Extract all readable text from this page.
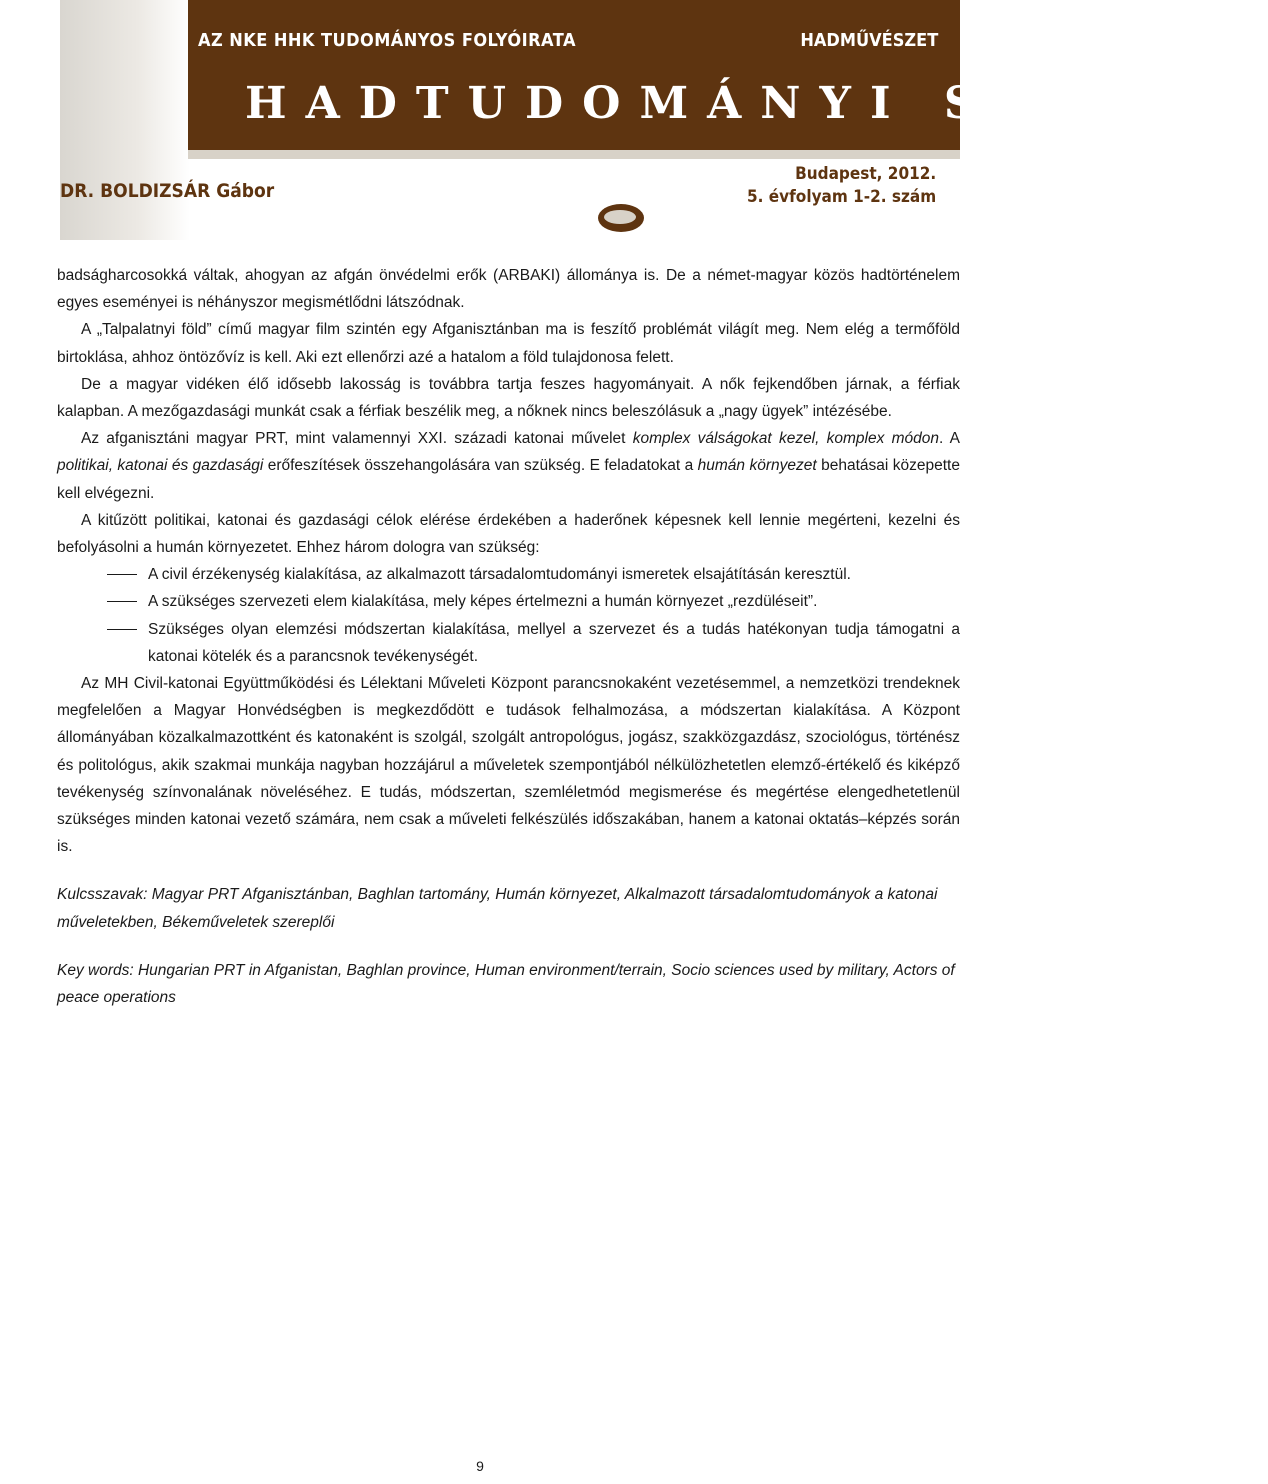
AZ NKE HHK TUDOMÁNYOS FOLYÓIRATA	HADMŰVÉSZET
HADTUDOMÁNYI SZEMLE
DR. BOLDIZSÁR Gábor
Budapest, 2012.
5. évfolyam 1-2. szám

badságharcosokká váltak, ahogyan az afgán önvédelmi erők (ARBAKI) állománya is. De a német-magyar közös hadtörténelem egyes eseményei is néhányszor megismétlődni látszódnak.

A „Talpalatnyi föld” című magyar film szintén egy Afganisztánban ma is feszítő problémát világít meg. Nem elég a termőföld birtoklása, ahhoz öntözővíz is kell. Aki ezt ellenőrzi azé a hatalom a föld tulajdonosa felett.

De a magyar vidéken élő idősebb lakosság is továbbra tartja feszes hagyományait. A nők fejkendőben járnak, a férfiak kalapban. A mezőgazdasági munkát csak a férfiak beszélik meg, a nőknek nincs beleszólásuk a „nagy ügyek” intézésébe.

Az afganisztáni magyar PRT, mint valamennyi XXI. századi katonai művelet komplex válságokat kezel, komplex módon. A politikai, katonai és gazdasági erőfeszítések összehangolására van szükség. E feladatokat a humán környezet behatásai közepette kell elvégezni.

A kitűzött politikai, katonai és gazdasági célok elérése érdekében a haderőnek képesnek kell lennie megérteni, kezelni és befolyásolni a humán környezetet. Ehhez három dologra van szükség:

A civil érzékenység kialakítása, az alkalmazott társadalomtudományi ismeretek elsajátításán keresztül.
A szükséges szervezeti elem kialakítása, mely képes értelmezni a humán környezet „rezdüléseit”.
Szükséges olyan elemzési módszertan kialakítása, mellyel a szervezet és a tudás hatékonyan tudja támogatni a katonai kötelék és a parancsnok tevékenységét.

Az MH Civil-katonai Együttműködési és Lélektani Műveleti Központ parancsnokaként vezetésemmel, a nemzetközi trendeknek megfelelően a Magyar Honvédségben is megkezdődött e tudások felhalmozása, a módszertan kialakítása. A Központ állományában közalkalmazottként és katonaként is szolgál, szolgált antropológus, jogász, szakközgazdász, szociológus, történész és politológus, akik szakmai munkája nagyban hozzájárul a műveletek szempontjából nélkülözhetetlen elemző-értékelő és kiképző tevékenység színvonalának növeléséhez. E tudás, módszertan, szemléletmód megismerése és megértése elengedhetetlenül szükséges minden katonai vezető számára, nem csak a műveleti felkészülés időszakában, hanem a katonai oktatás–képzés során is.

Kulcsszavak: Magyar PRT Afganisztánban, Baghlan tartomány, Humán környezet, Alkalmazott társadalomtudományok a katonai műveletekben, Békeműveletek szereplői

Key words: Hungarian PRT in Afganistan, Baghlan province, Human environment/terrain, Socio sciences used by military, Actors of peace operations

9
